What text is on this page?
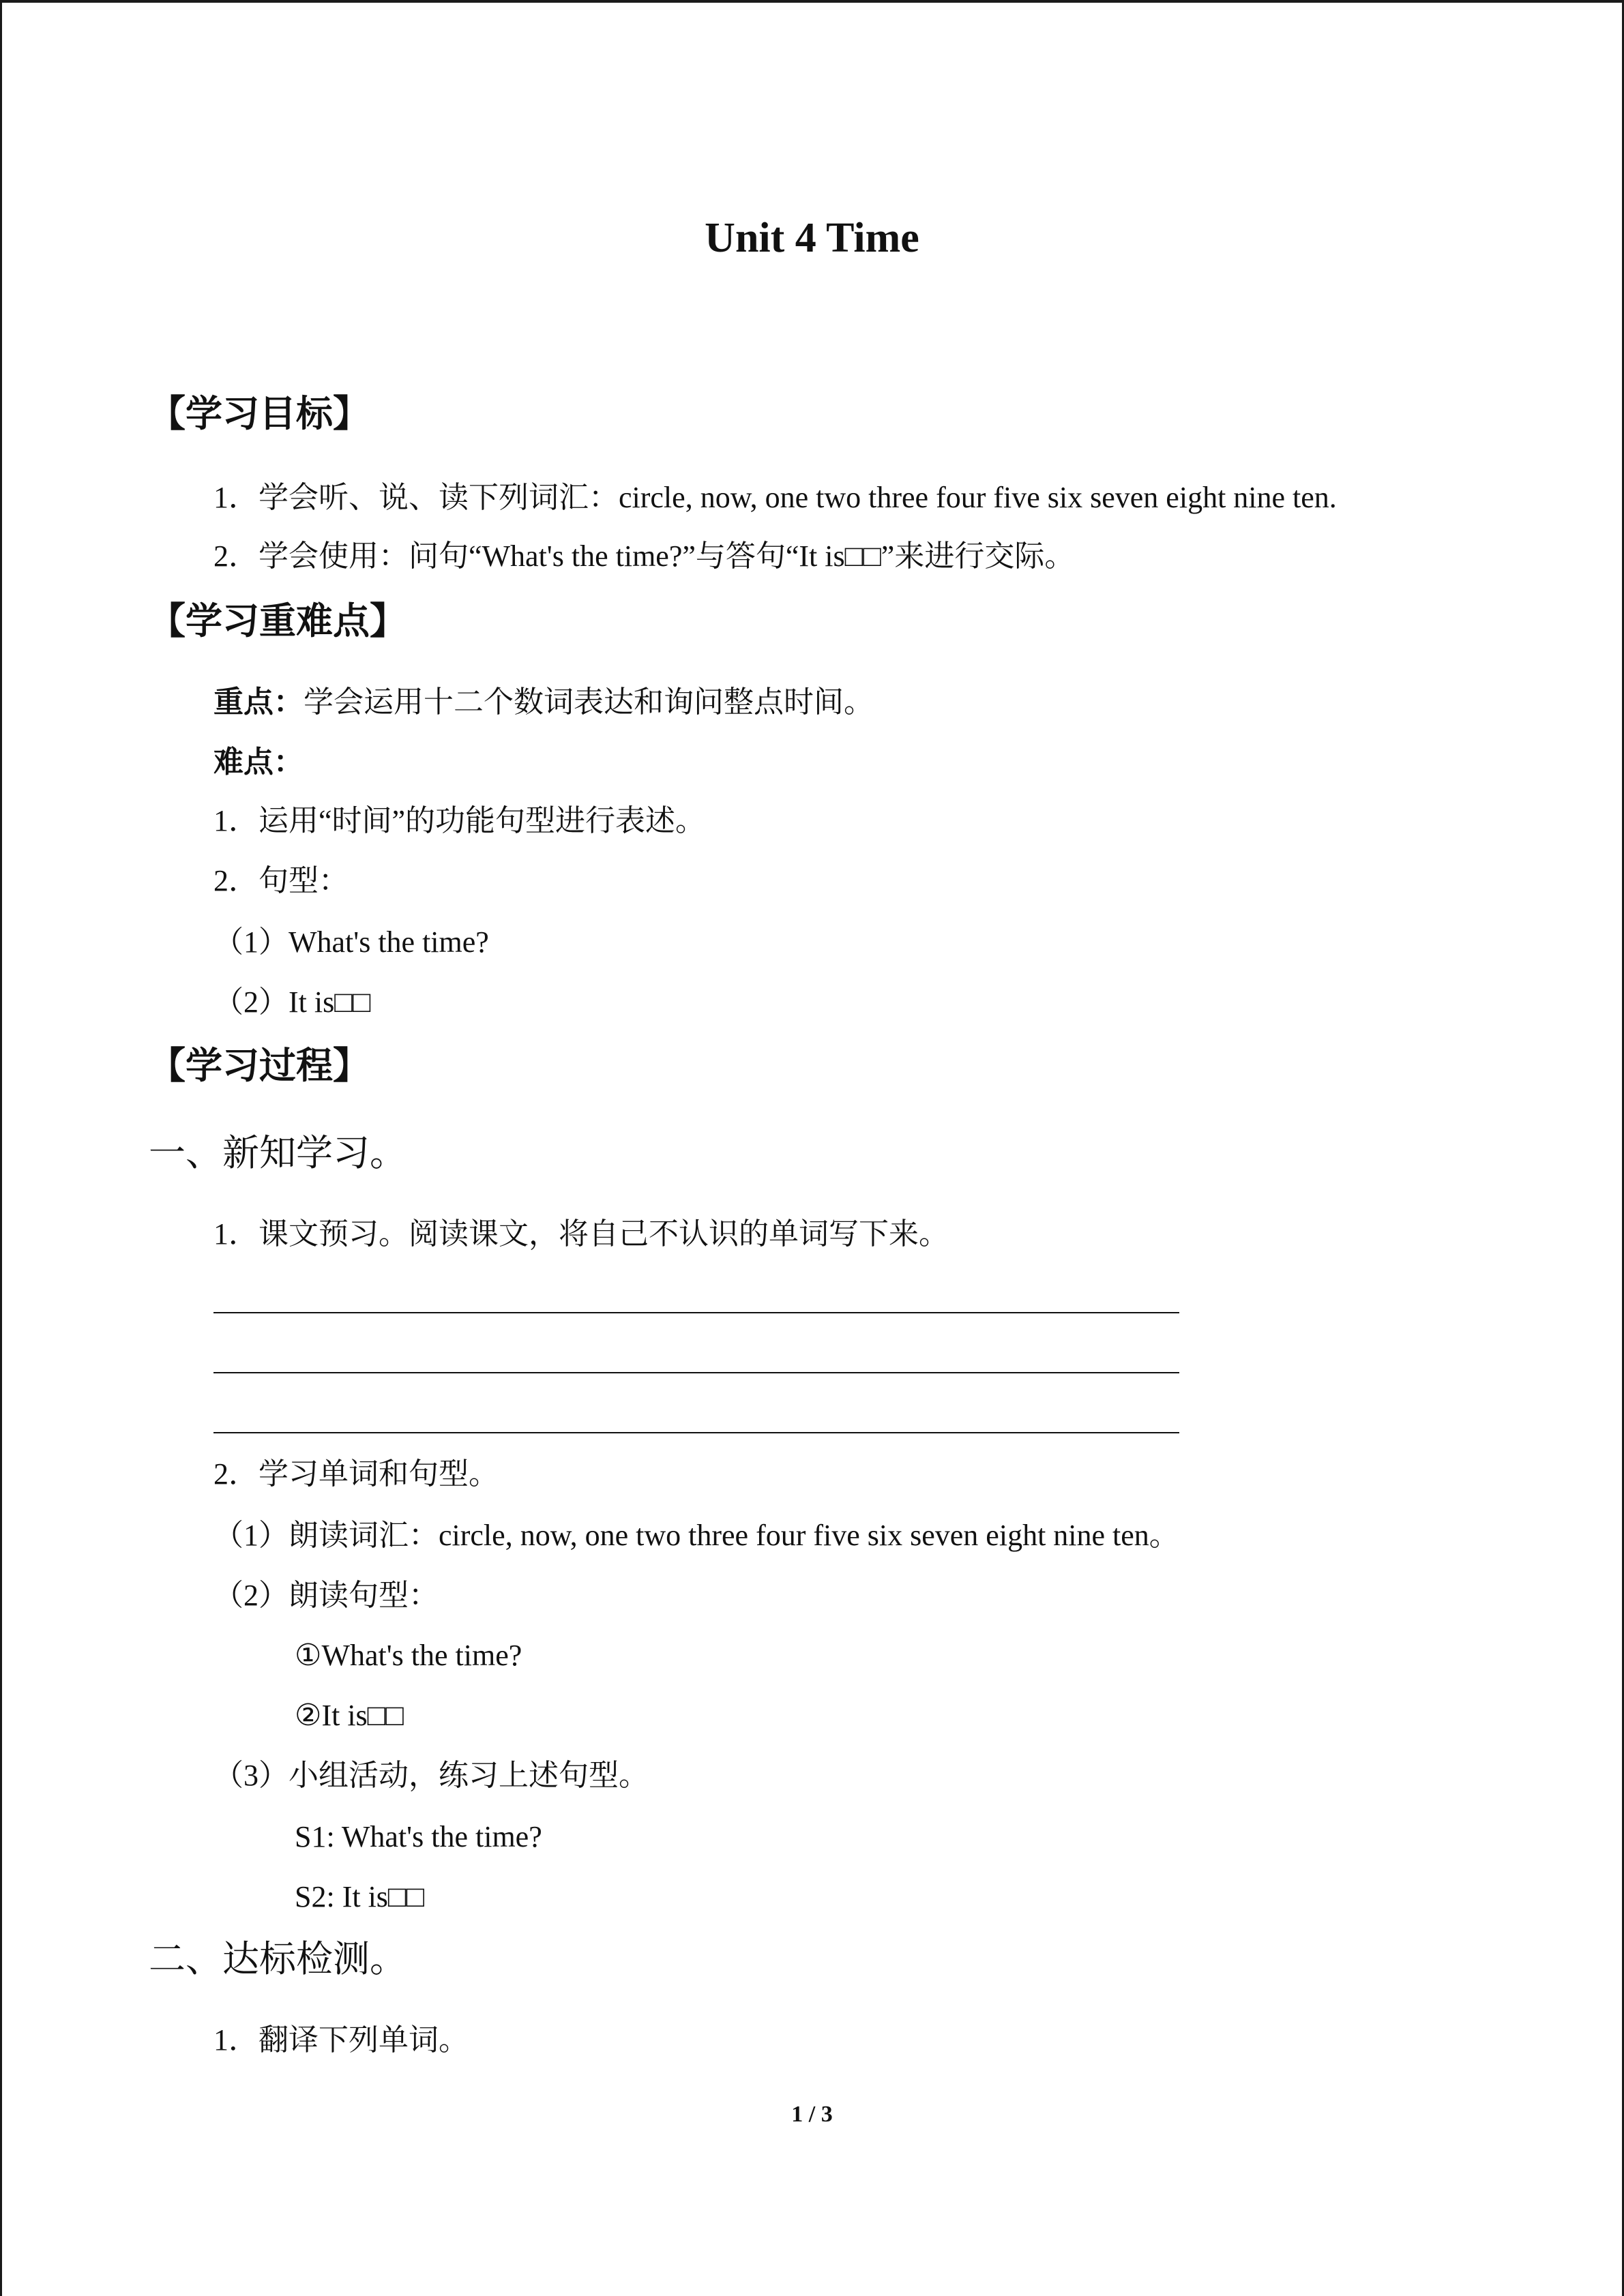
Unit 4 Time
【学习目标】
1．学会听、说、读下列词汇：circle, now, one two three four five six seven eight nine ten.
2．学会使用：问句“What's the time?”与答句“It is□□”来进行交际。
【学习重难点】
重点：学会运用十二个数词表达和询问整点时间。
难点：
1．运用“时间”的功能句型进行表述。
2．句型：
（1）What's the time?
（2）It is□□
【学习过程】
一、新知学习。
1．课文预习。阅读课文，将自己不认识的单词写下来。
2．学习单词和句型。
（1）朗读词汇：circle, now, one two three four five six seven eight nine ten。
（2）朗读句型：
①What's the time?
②It is□□
（3）小组活动，练习上述句型。
S1: What's the time?
S2: It is□□
二、达标检测。
1．翻译下列单词。
1 / 3
